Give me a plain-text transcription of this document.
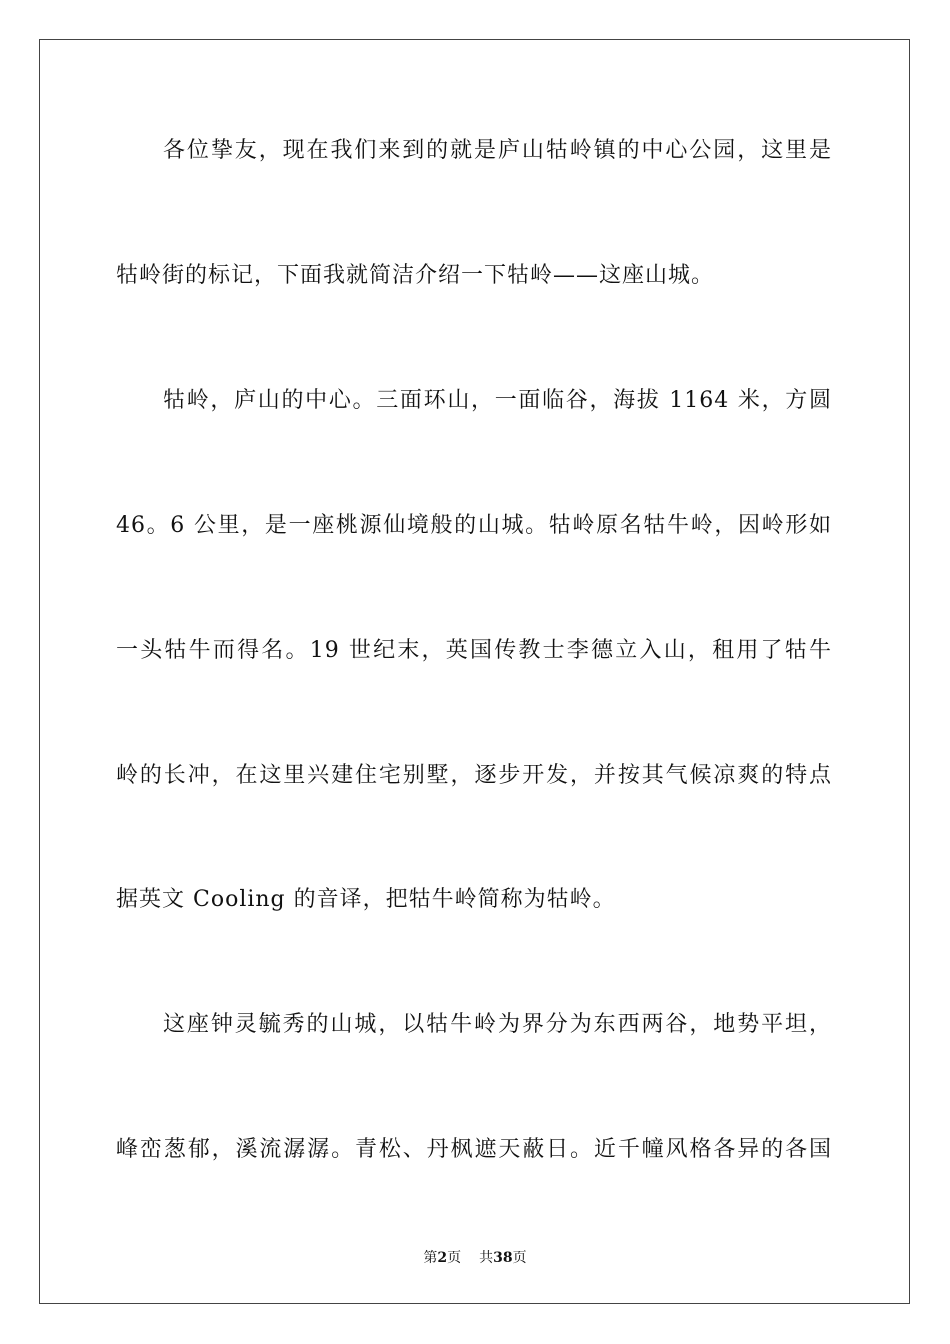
各位挚友，现在我们来到的就是庐山牯岭镇的中心公园，这里是
牯岭街的标记，下面我就简洁介绍一下牯岭——这座山城。
牯岭，庐山的中心。三面环山，一面临谷，海拔 1164 米，方圆
46。6 公里，是一座桃源仙境般的山城。牯岭原名牯牛岭，因岭形如
一头牯牛而得名。19 世纪末，英国传教士李德立入山，租用了牯牛
岭的长冲，在这里兴建住宅别墅，逐步开发，并按其气候凉爽的特点
据英文 Cooling 的音译，把牯牛岭简称为牯岭。
这座钟灵毓秀的山城，以牯牛岭为界分为东西两谷，地势平坦，
峰峦葱郁，溪流潺潺。青松、丹枫遮天蔽日。近千幢风格各异的各国
第2页 共38页
